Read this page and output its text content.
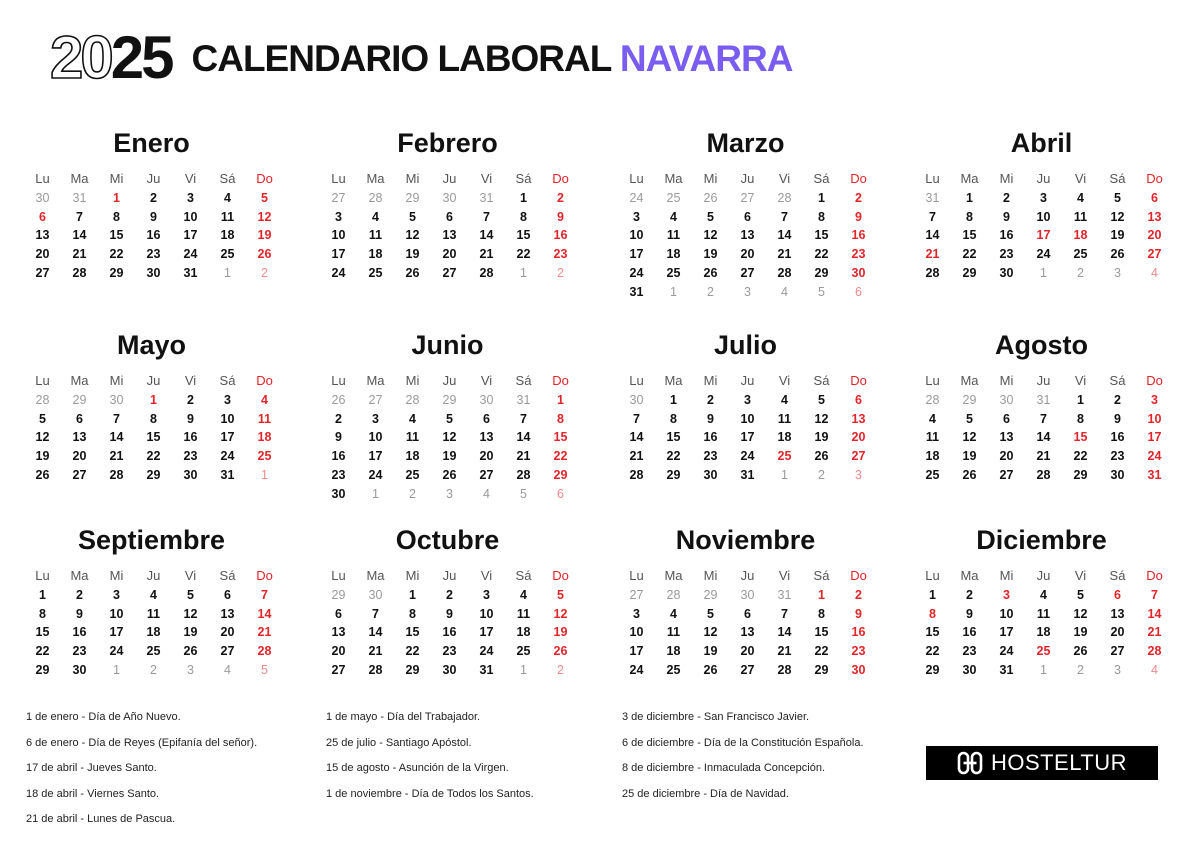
20 25 CALENDARIO LABORAL NAVARRA
Enero
Lu	Ma	Mi	Ju	Vi	Sá	Do
30	31	1	2	3	4	5
6	7	8	9	10	11	12
13	14	15	16	17	18	19
20	21	22	23	24	25	26
27	28	29	30	31	1	2
Febrero
Lu	Ma	Mi	Ju	Vi	Sá	Do
27	28	29	30	31	1	2
3	4	5	6	7	8	9
10	11	12	13	14	15	16
17	18	19	20	21	22	23
24	25	26	27	28	1	2
Marzo
Lu	Ma	Mi	Ju	Vi	Sá	Do
24	25	26	27	28	1	2
3	4	5	6	7	8	9
10	11	12	13	14	15	16
17	18	19	20	21	22	23
24	25	26	27	28	29	30
31	1	2	3	4	5	6
Abril
Lu	Ma	Mi	Ju	Vi	Sá	Do
31	1	2	3	4	5	6
7	8	9	10	11	12	13
14	15	16	17	18	19	20
21	22	23	24	25	26	27
28	29	30	1	2	3	4
Mayo
Lu	Ma	Mi	Ju	Vi	Sá	Do
28	29	30	1	2	3	4
5	6	7	8	9	10	11
12	13	14	15	16	17	18
19	20	21	22	23	24	25
26	27	28	29	30	31	1
Junio
Lu	Ma	Mi	Ju	Vi	Sá	Do
26	27	28	29	30	31	1
2	3	4	5	6	7	8
9	10	11	12	13	14	15
16	17	18	19	20	21	22
23	24	25	26	27	28	29
30	1	2	3	4	5	6
Julio
Lu	Ma	Mi	Ju	Vi	Sá	Do
30	1	2	3	4	5	6
7	8	9	10	11	12	13
14	15	16	17	18	19	20
21	22	23	24	25	26	27
28	29	30	31	1	2	3
Agosto
Lu	Ma	Mi	Ju	Vi	Sá	Do
28	29	30	31	1	2	3
4	5	6	7	8	9	10
11	12	13	14	15	16	17
18	19	20	21	22	23	24
25	26	27	28	29	30	31
Septiembre
Lu	Ma	Mi	Ju	Vi	Sá	Do
1	2	3	4	5	6	7
8	9	10	11	12	13	14
15	16	17	18	19	20	21
22	23	24	25	26	27	28
29	30	1	2	3	4	5
Octubre
Lu	Ma	Mi	Ju	Vi	Sá	Do
29	30	1	2	3	4	5
6	7	8	9	10	11	12
13	14	15	16	17	18	19
20	21	22	23	24	25	26
27	28	29	30	31	1	2
Noviembre
Lu	Ma	Mi	Ju	Vi	Sá	Do
27	28	29	30	31	1	2
3	4	5	6	7	8	9
10	11	12	13	14	15	16
17	18	19	20	21	22	23
24	25	26	27	28	29	30
Diciembre
Lu	Ma	Mi	Ju	Vi	Sá	Do
1	2	3	4	5	6	7
8	9	10	11	12	13	14
15	16	17	18	19	20	21
22	23	24	25	26	27	28
29	30	31	1	2	3	4
1 de enero - Día de Año Nuevo.
6 de enero - Día de Reyes (Epifanía del señor).
17 de abril - Jueves Santo.
18 de abril - Viernes Santo.
21 de abril - Lunes de Pascua.
1 de mayo - Día del Trabajador.
25 de julio - Santiago Apóstol.
15 de agosto - Asunción de la Virgen.
1 de noviembre - Día de Todos los Santos.
3 de diciembre - San Francisco Javier.
6 de diciembre - Día de la Constitución Española.
8 de diciembre - Inmaculada Concepción.
25 de diciembre - Día de Navidad.
HOSTELTUR
